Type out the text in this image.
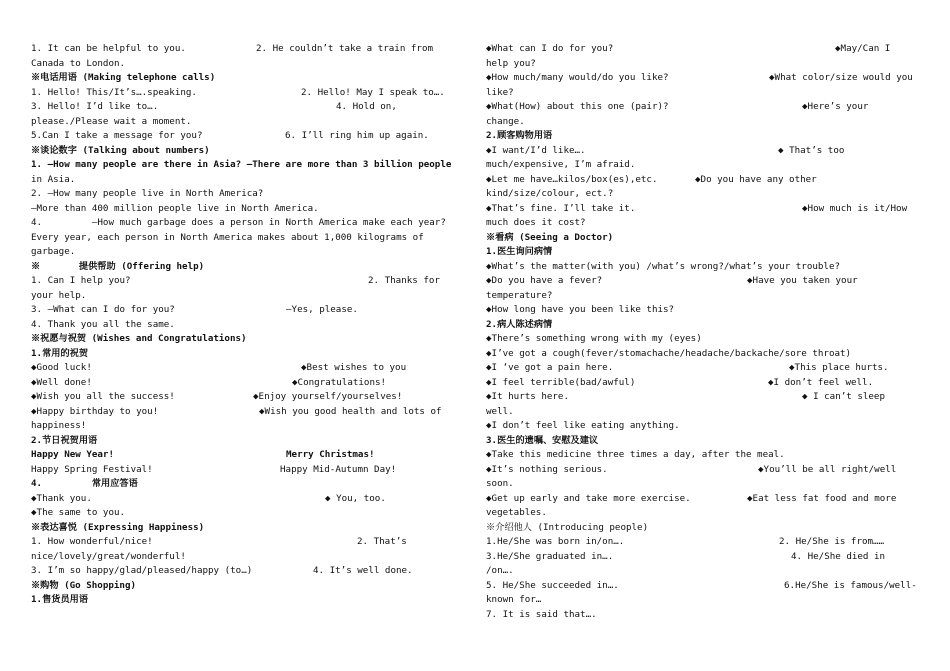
1. It can be helpful to you.	2. He couldn’t take a train from
Canada to London.
※电话用语 (Making telephone calls)
1. Hello! This/It’s….speaking.	2. Hello! May I speak to….
3. Hello! I’d like to….	4. Hold on,
please./Please wait a moment.
5.Can I take a message for you?	6. I’ll ring him up again.
※谈论数字 (Talking about numbers)
1. —How many people are there in Asia? —There are more than 3 billion people
in Asia.
2. —How many people live in North America?
—More than 400 million people live in North America.
4.         —How much garbage does a person in North America make each year?
Every year, each person in North America makes about 1,000 kilograms of
garbage.
※       提供帮助 (Offering help)
1. Can I help you?	2. Thanks for
your help.
3. —What can I do for you?	—Yes, please.
4. Thank you all the same.
※祝愿与祝贺 (Wishes and Congratulations)
1.常用的祝贺
◆Good luck!	◆Best wishes to you
◆Well done!	◆Congratulations!
◆Wish you all the success!	◆Enjoy yourself/yourselves!
◆Happy birthday to you!	◆Wish you good health and lots of
happiness!
2.节日祝贺用语
Happy New Year!	Merry Christmas!
Happy Spring Festival!	Happy Mid-Autumn Day!
4.         常用应答语
◆Thank you.	◆ You, too.
◆The same to you.
※表达喜悦 (Expressing Happiness)
1. How wonderful/nice!	2. That’s
nice/lovely/great/wonderful!
3. I’m so happy/glad/pleased/happy (to…)	4. It’s well done.
※购物 (Go Shopping)
1.售货员用语
◆What can I do for you?	◆May/Can I
help you?
◆How much/many would/do you like?	◆What color/size would you
like?
◆What(How) about this one (pair)?	◆Here’s your
change.
2.顾客购物用语
◆I want/I’d like….	◆ That’s too
much/expensive, I’m afraid.
◆Let me have…kilos/box(es),etc.	◆Do you have any other
kind/size/colour, ect.?
◆That’s fine. I’ll take it.	◆How much is it/How
much does it cost?
※看病 (Seeing a Doctor)
1.医生询问病情
◆What’s the matter(with you) /what’s wrong?/what’s your trouble?
◆Do you have a fever?	◆Have you taken your
temperature?
◆How long have you been like this?
2.病人陈述病情
◆There’s something wrong with my (eyes)
◆I’ve got a cough(fever/stomachache/headache/backache/sore throat)
◆I ‘ve got a pain here.	◆This place hurts.
◆I feel terrible(bad/awful)	◆I don’t feel well.
◆It hurts here.	◆ I can’t sleep
well.
◆I don’t feel like eating anything.
3.医生的遗嘱、安慰及建议
◆Take this medicine three times a day, after the meal.
◆It’s nothing serious.	◆You’ll be all right/well
soon.
◆Get up early and take more exercise.	◆Eat less fat food and more
vegetables.
※介绍他人 (Introducing people)
1.He/She was born in/on….	2. He/She is from……
3.He/She graduated in….	4. He/She died in
/on….
5. He/She succeeded in….	6.He/She is famous/well-
known for…
7. It is said that….
